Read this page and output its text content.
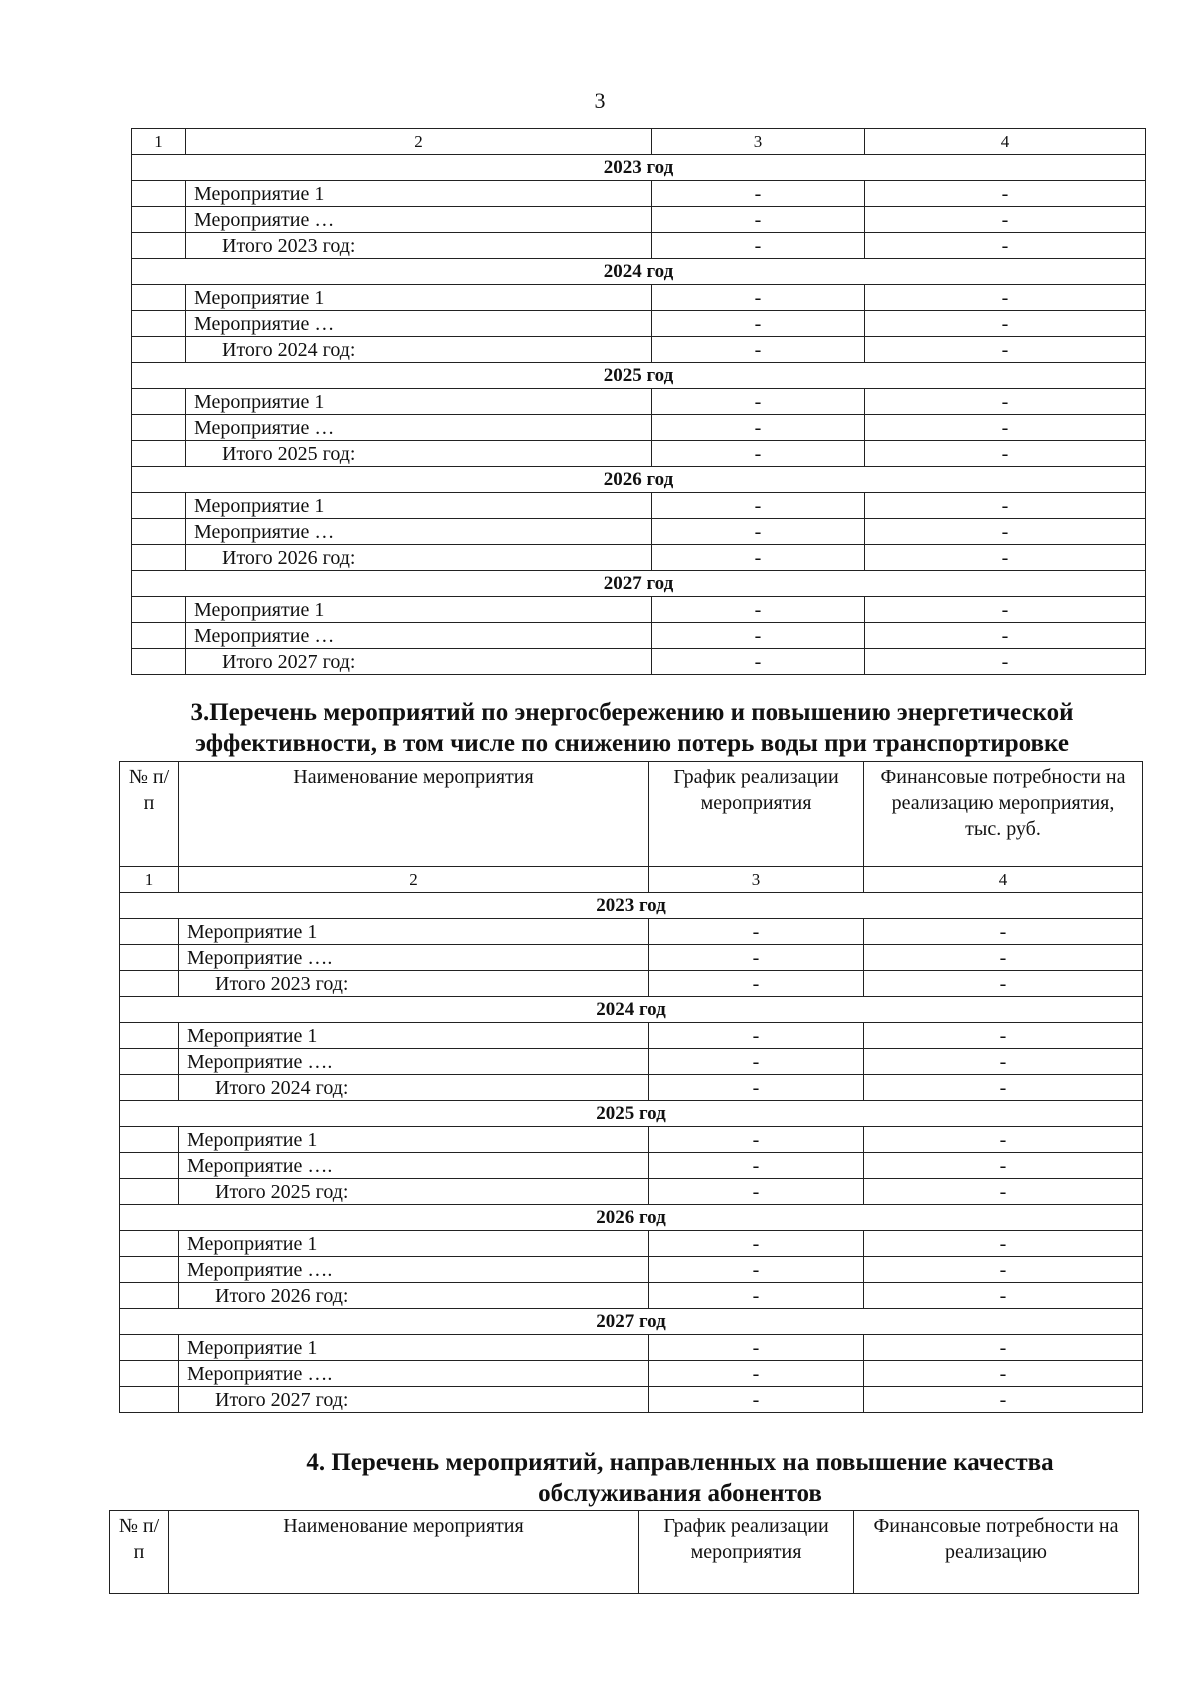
3
1	2	3	4
2023 год			
	Мероприятие 1	-	-
	Мероприятие …	-	-
	Итого 2023 год:	-	-
2024 год			
	Мероприятие 1	-	-
	Мероприятие …	-	-
	Итого 2024 год:	-	-
2025 год			
	Мероприятие 1	-	-
	Мероприятие …	-	-
	Итого 2025 год:	-	-
2026 год			
	Мероприятие 1	-	-
	Мероприятие …	-	-
	Итого 2026 год:	-	-
2027 год			
	Мероприятие 1	-	-
	Мероприятие …	-	-
	Итого 2027 год:	-	-
3.Перечень мероприятий по энергосбережению и повышению энергетической эффективности, в том числе по снижению потерь воды при транспортировке
№ п/п	Наименование мероприятия	График реализации мероприятия	Финансовые потребности на реализацию мероприятия, тыс. руб.
1	2	3	4
2023 год			
	Мероприятие 1	-	-
	Мероприятие ….	-	-
	Итого 2023 год:	-	-
2024 год			
	Мероприятие 1	-	-
	Мероприятие ….	-	-
	Итого 2024 год:	-	-
2025 год			
	Мероприятие 1	-	-
	Мероприятие ….	-	-
	Итого 2025 год:	-	-
2026 год			
	Мероприятие 1	-	-
	Мероприятие ….	-	-
	Итого 2026 год:	-	-
2027 год			
	Мероприятие 1	-	-
	Мероприятие ….	-	-
	Итого 2027 год:	-	-
4. Перечень мероприятий, направленных на повышение качества обслуживания абонентов
№ п/п	Наименование мероприятия	График реализации мероприятия	Финансовые потребности на реализацию
